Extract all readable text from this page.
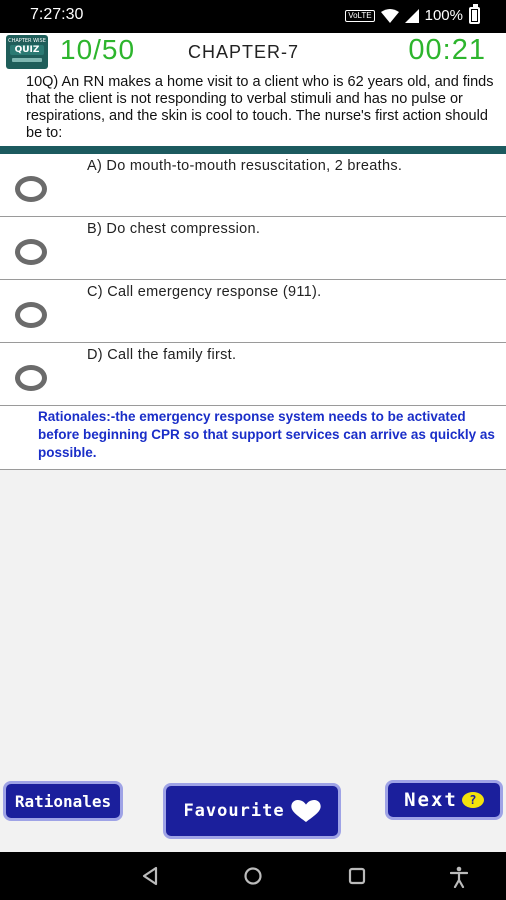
7:27:30	VoLTE	100%
CHAPTER WISE
QUIZ 10/50	CHAPTER-7	00:21
10Q) An RN makes a home visit to a client who is 62 years old, and finds that the client is not responding to verbal stimuli and has no pulse or respirations, and the skin is cool to touch. The nurse's first action should be to:
A) Do mouth-to-mouth resuscitation, 2 breaths.
B) Do chest compression.
C) Call emergency response (911).
D) Call the family first.
Rationales:-the emergency response system needs to be activated before beginning CPR so that support services can arrive as quickly as possible.
Rationales	Favourite	Next ?
